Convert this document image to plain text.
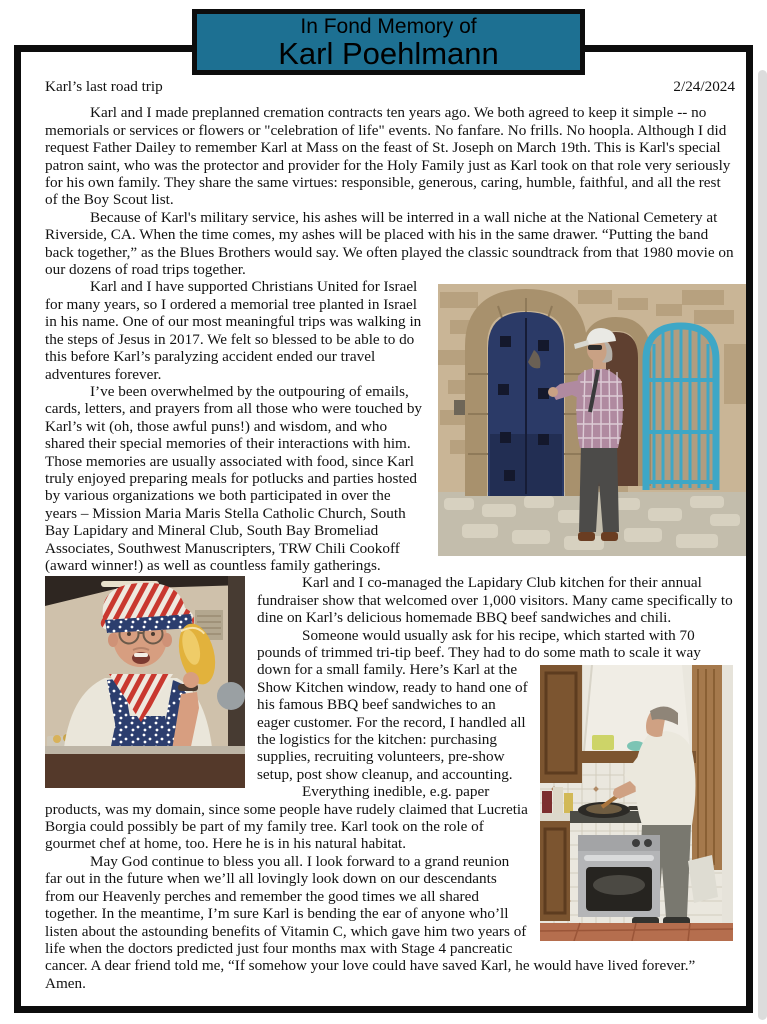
In Fond Memory of
Karl Poehlmann
Karl’s last road trip	2/24/2024

Karl and I made preplanned cremation contracts ten years ago. We both agreed to keep it simple -- no memorials or services or flowers or "celebration of life" events. No fanfare. No frills. No hoopla. Although I did request Father Dailey to remember Karl at Mass on the feast of St. Joseph on March 19th. This is Karl's special patron saint, who was the protector and provider for the Holy Family just as Karl took on that role very seriously for his own family. They share the same virtues: responsible, generous, caring, humble, faithful, and all the rest of the Boy Scout list.

Because of Karl's military service, his ashes will be interred in a wall niche at the National Cemetery at Riverside, CA. When the time comes, my ashes will be placed with his in the same drawer. “Putting the band back together,” as the Blues Brothers would say. We often played the classic soundtrack from that 1980 movie on our dozens of road trips together.

Karl and I have supported Christians United for Israel for many years, so I ordered a memorial tree planted in Israel in his name. One of our most meaningful trips was walking in the steps of Jesus in 2017. We felt so blessed to be able to do this before Karl’s paralyzing accident ended our travel adventures forever.

I’ve been overwhelmed by the outpouring of emails, cards, letters, and prayers from all those who were touched by Karl’s wit (oh, those awful puns!) and wisdom, and who shared their special memories of their interactions with him. Those memories are usually associated with food, since Karl truly enjoyed preparing meals for potlucks and parties hosted by various organizations we both participated in over the years – Mission Maria Maris Stella Catholic Church, South Bay Lapidary and Mineral Club, South Bay Bromeliad Associates, Southwest Manuscripters, TRW Chili Cookoff (award winner!) as well as countless family gatherings.

Karl and I co-managed the Lapidary Club kitchen for their annual fundraiser show that welcomed over 1,000 visitors. Many came specifically to dine on Karl’s delicious homemade BBQ beef sandwiches and chili.

Someone would usually ask for his recipe, which started with 70 pounds of trimmed tri-tip beef. They had to do some math to scale it way
down for a small family. Here’s Karl at the Show Kitchen window, ready to hand one of his famous BBQ beef sandwiches to an eager customer. For the record, I handled all the logistics for the kitchen: purchasing supplies, recruiting volunteers, pre-show setup, post show cleanup, and accounting.

Everything inedible, e.g. paper products, was my domain, since some people have rudely claimed that Lucretia Borgia could possibly be part of my family tree. Karl took on the role of gourmet chef at home, too. Here he is in his natural habitat.

May God continue to bless you all. I look forward to a grand reunion far out in the future when we’ll all lovingly look down on our descendants from our Heavenly perches and remember the good times we all shared together. In the meantime, I’m sure Karl is bending the ear of anyone who’ll listen about the astounding benefits of Vitamin C, which gave him two years of life when the doctors predicted just four months max with Stage 4 pancreatic cancer. A dear friend told me, “If somehow your love could have saved Karl, he would have lived forever.” Amen.
